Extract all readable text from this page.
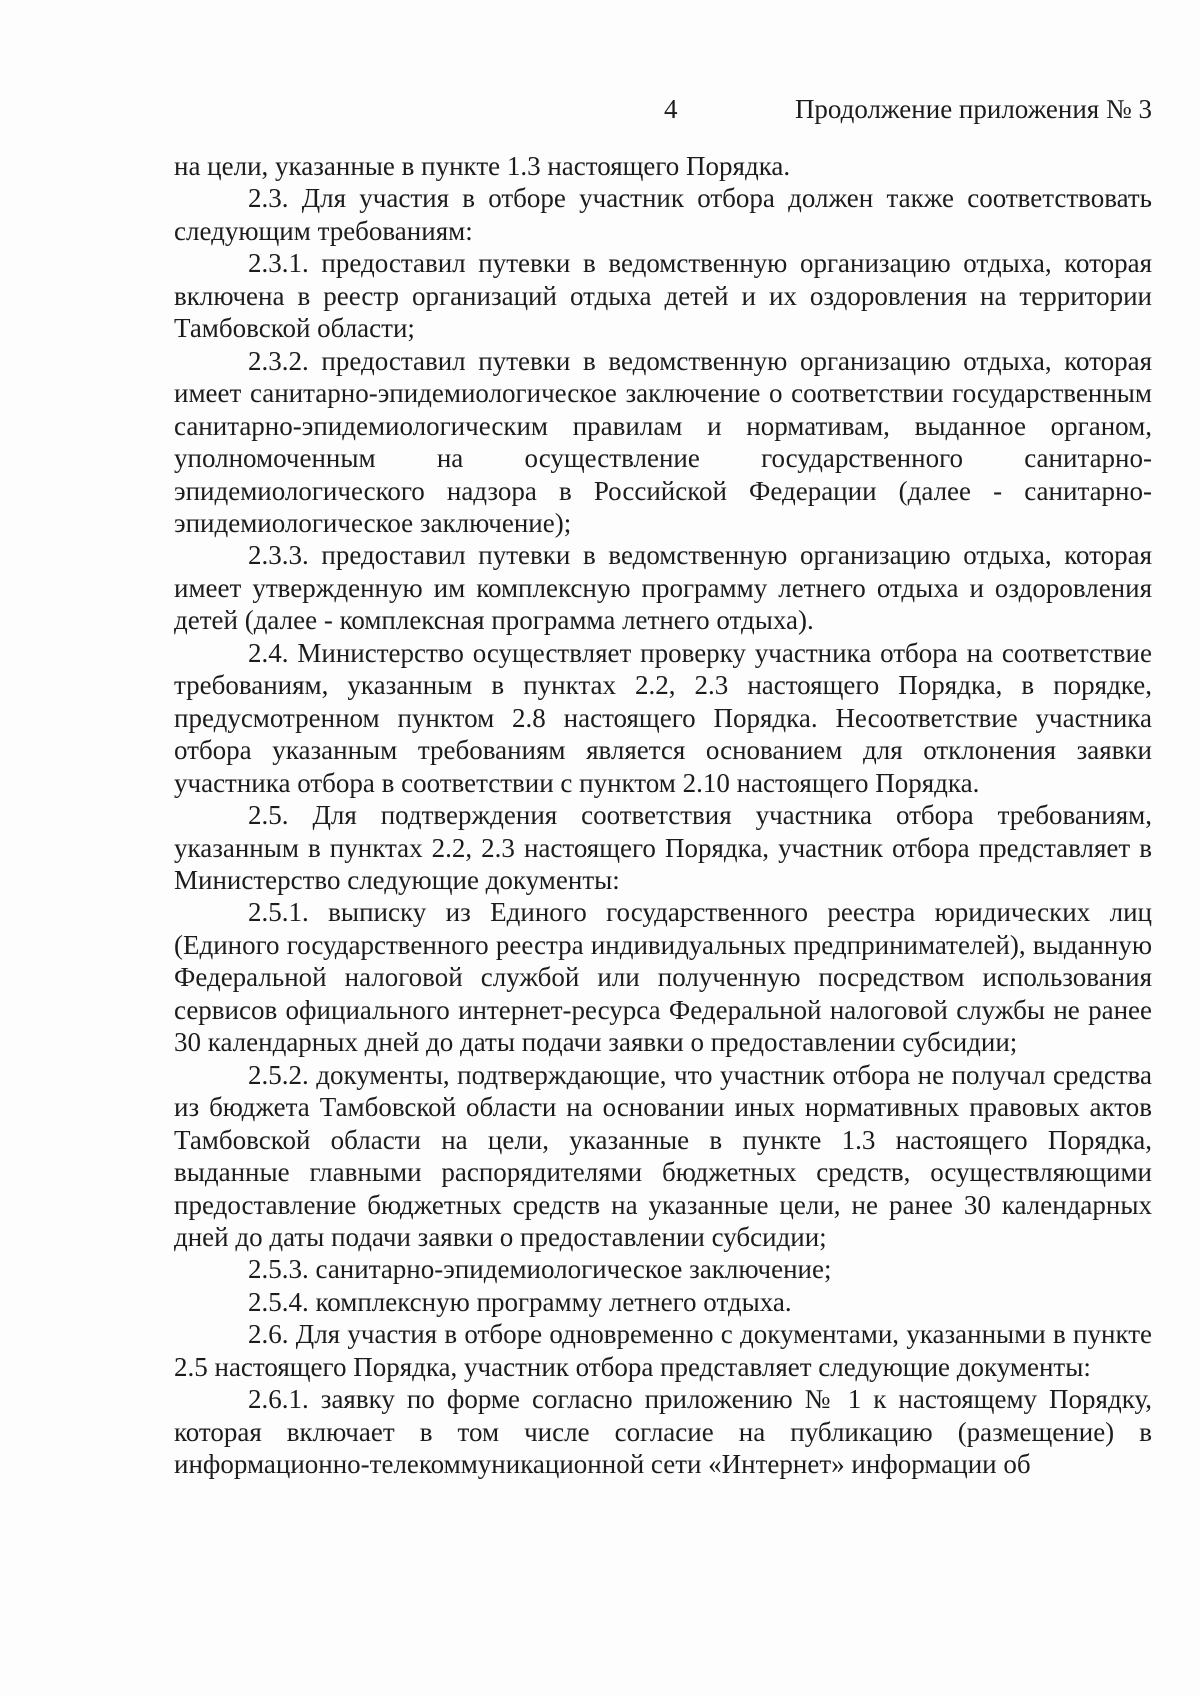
4	Продолжение приложения № 3

на цели, указанные в пункте 1.3 настоящего Порядка.

2.3. Для участия в отборе участник отбора должен также соответствовать следующим требованиям:

2.3.1. предоставил путевки в ведомственную организацию отдыха, которая включена в реестр организаций отдыха детей и их оздоровления на территории Тамбовской области;

2.3.2. предоставил путевки в ведомственную организацию отдыха, которая имеет санитарно-эпидемиологическое заключение о соответствии государственным санитарно-эпидемиологическим правилам и нормативам, выданное органом, уполномоченным на осуществление государственного санитарно-эпидемиологического надзора в Российской Федерации (далее - санитарно-эпидемиологическое заключение);

2.3.3. предоставил путевки в ведомственную организацию отдыха, которая имеет утвержденную им комплексную программу летнего отдыха и оздоровления детей (далее - комплексная программа летнего отдыха).

2.4. Министерство осуществляет проверку участника отбора на соответствие требованиям, указанным в пунктах 2.2, 2.3 настоящего Порядка, в порядке, предусмотренном пунктом 2.8 настоящего Порядка. Несоответствие участника отбора указанным требованиям является основанием для отклонения заявки участника отбора в соответствии с пунктом 2.10 настоящего Порядка.

2.5. Для подтверждения соответствия участника отбора требованиям, указанным в пунктах 2.2, 2.3 настоящего Порядка, участник отбора представляет в Министерство следующие документы:

2.5.1. выписку из Единого государственного реестра юридических лиц (Единого государственного реестра индивидуальных предпринимателей), выданную Федеральной налоговой службой или полученную посредством использования сервисов официального интернет-ресурса Федеральной налоговой службы не ранее 30 календарных дней до даты подачи заявки о предоставлении субсидии;

2.5.2. документы, подтверждающие, что участник отбора не получал средства из бюджета Тамбовской области на основании иных нормативных правовых актов Тамбовской области на цели, указанные в пункте 1.3 настоящего Порядка, выданные главными распорядителями бюджетных средств, осуществляющими предоставление бюджетных средств на указанные цели, не ранее 30 календарных дней до даты подачи заявки о предоставлении субсидии;

2.5.3. санитарно-эпидемиологическое заключение;

2.5.4. комплексную программу летнего отдыха.

2.6. Для участия в отборе одновременно с документами, указанными в пункте 2.5 настоящего Порядка, участник отбора представляет следующие документы:

2.6.1. заявку по форме согласно приложению № 1 к настоящему Порядку, которая включает в том числе согласие на публикацию (размещение) в информационно-телекоммуникационной сети «Интернет» информации об
